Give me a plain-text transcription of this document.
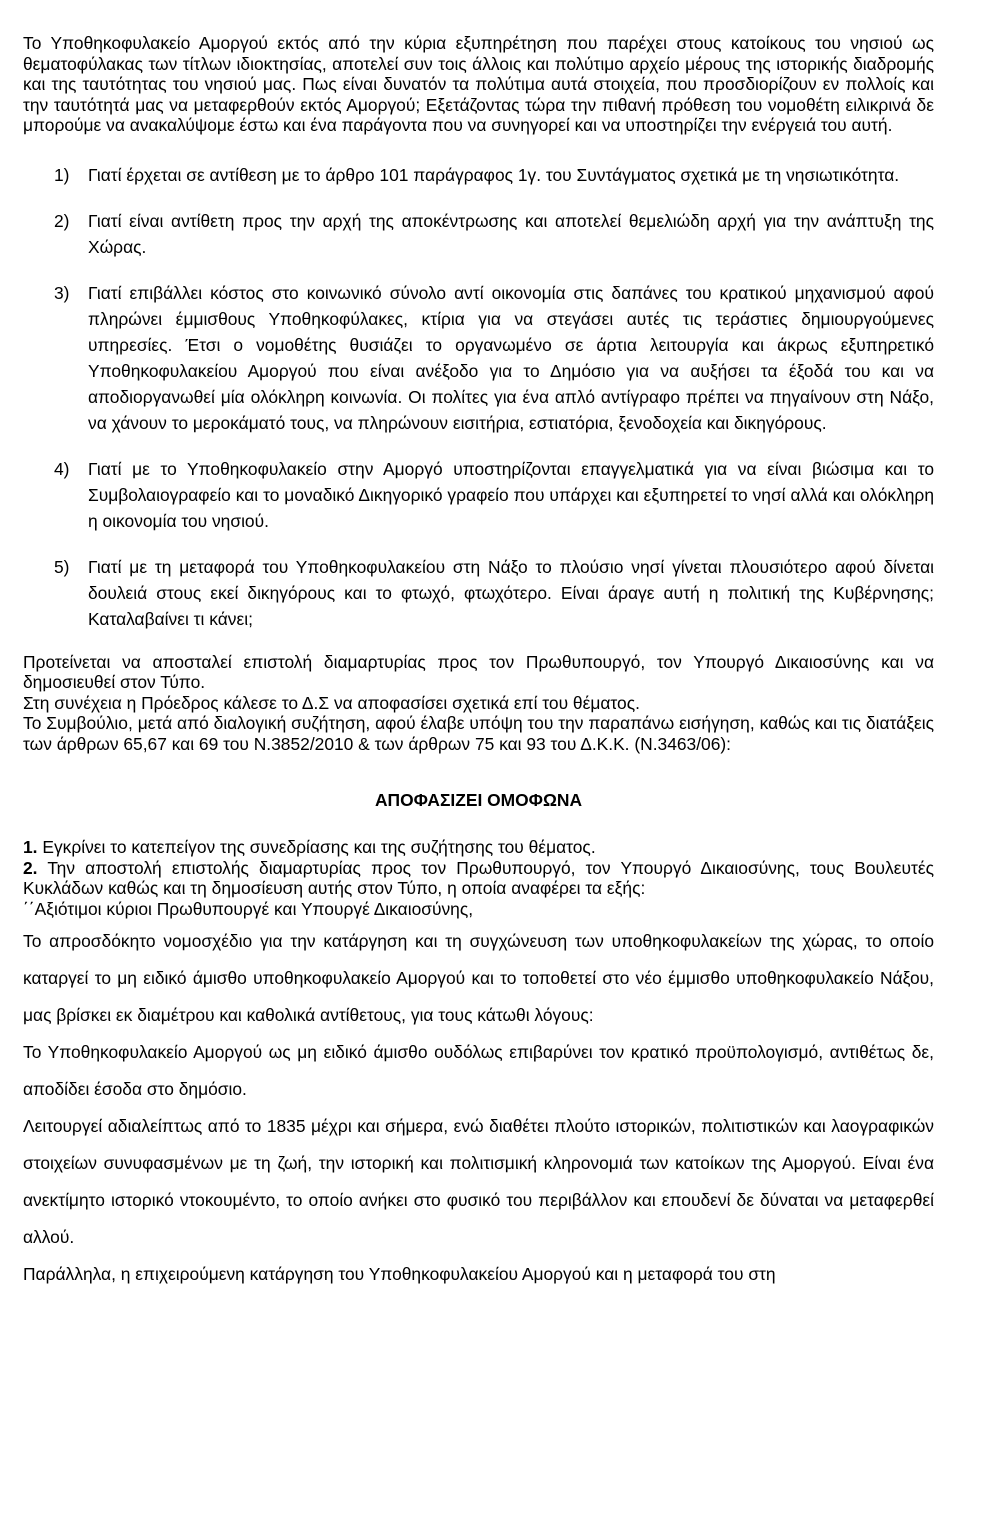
Το Υποθηκοφυλακείο Αμοργού εκτός από την κύρια εξυπηρέτηση που παρέχει στους κατοίκους του νησιού ως θεματοφύλακας των τίτλων ιδιοκτησίας, αποτελεί συν τοις άλλοις και πολύτιμο αρχείο μέρους της ιστορικής διαδρομής και της ταυτότητας του νησιού μας. Πως είναι δυνατόν τα πολύτιμα αυτά στοιχεία, που προσδιορίζουν εν πολλοίς και την ταυτότητά μας να μεταφερθούν εκτός Αμοργού; Εξετάζοντας τώρα την πιθανή πρόθεση του νομοθέτη ειλικρινά δε μπορούμε να ανακαλύψομε έστω και ένα παράγοντα που να συνηγορεί και να υποστηρίζει την ενέργειά του αυτή.

1) Γιατί έρχεται σε αντίθεση με το άρθρο 101 παράγραφος 1γ. του Συντάγματος σχετικά με τη νησιωτικότητα.

2) Γιατί είναι αντίθετη προς την αρχή της αποκέντρωσης και αποτελεί θεμελιώδη αρχή για την ανάπτυξη της Χώρας.

3) Γιατί επιβάλλει κόστος στο κοινωνικό σύνολο αντί οικονομία στις δαπάνες του κρατικού μηχανισμού αφού πληρώνει έμμισθους Υποθηκοφύλακες, κτίρια για να στεγάσει αυτές τις τεράστιες δημιουργούμενες υπηρεσίες. Έτσι ο νομοθέτης θυσιάζει το οργανωμένο σε άρτια λειτουργία και άκρως εξυπηρετικό Υποθηκοφυλακείου Αμοργού που είναι ανέξοδο για το Δημόσιο για να αυξήσει τα έξοδά του και να αποδιοργανωθεί μία ολόκληρη κοινωνία. Οι πολίτες για ένα απλό αντίγραφο πρέπει να πηγαίνουν στη Νάξο, να χάνουν το μεροκάματό τους, να πληρώνουν εισιτήρια, εστιατόρια, ξενοδοχεία και δικηγόρους.

4) Γιατί με το Υποθηκοφυλακείο στην Αμοργό υποστηρίζονται επαγγελματικά για να είναι βιώσιμα και το Συμβολαιογραφείο και το μοναδικό Δικηγορικό γραφείο που υπάρχει και εξυπηρετεί το νησί αλλά και ολόκληρη η οικονομία του νησιού.

5) Γιατί με τη μεταφορά του Υποθηκοφυλακείου στη Νάξο το πλούσιο νησί γίνεται πλουσιότερο αφού δίνεται δουλειά στους εκεί δικηγόρους και το φτωχό, φτωχότερο. Είναι άραγε αυτή η πολιτική της Κυβέρνησης; Καταλαβαίνει τι κάνει;

Προτείνεται να αποσταλεί επιστολή διαμαρτυρίας προς τον Πρωθυπουργό, τον Υπουργό Δικαιοσύνης και να δημοσιευθεί στον Τύπο.

Στη συνέχεια η Πρόεδρος κάλεσε το Δ.Σ να αποφασίσει σχετικά επί του θέματος.

Το Συμβούλιο, μετά από διαλογική συζήτηση, αφού έλαβε υπόψη του την παραπάνω εισήγηση, καθώς και τις διατάξεις των άρθρων 65,67 και 69 του Ν.3852/2010 & των άρθρων 75 και 93 του Δ.Κ.Κ. (Ν.3463/06):

ΑΠΟΦΑΣΙΖΕΙ ΟΜΟΦΩΝΑ

1. Εγκρίνει το κατεπείγον της συνεδρίασης και της συζήτησης του θέματος.

2. Την αποστολή επιστολής διαμαρτυρίας προς τον Πρωθυπουργό, τον Υπουργό Δικαιοσύνης, τους Βουλευτές Κυκλάδων καθώς και τη δημοσίευση αυτής στον Τύπο, η οποία αναφέρει τα εξής:

΄΄Αξιότιμοι κύριοι Πρωθυπουργέ και Υπουργέ Δικαιοσύνης,

Το απροσδόκητο νομοσχέδιο για την κατάργηση και τη συγχώνευση των υποθηκοφυλακείων της χώρας, το οποίο καταργεί το μη ειδικό άμισθο υποθηκοφυλακείο Αμοργού και το τοποθετεί στο νέο έμμισθο υποθηκοφυλακείο Νάξου, μας βρίσκει εκ διαμέτρου και καθολικά αντίθετους, για τους κάτωθι λόγους:

Το Υποθηκοφυλακείο Αμοργού ως μη ειδικό άμισθο ουδόλως επιβαρύνει τον κρατικό προϋπολογισμό, αντιθέτως δε, αποδίδει έσοδα στο δημόσιο.

Λειτουργεί αδιαλείπτως από το 1835 μέχρι και σήμερα, ενώ διαθέτει πλούτο ιστορικών, πολιτιστικών και λαογραφικών στοιχείων συνυφασμένων με τη ζωή, την ιστορική και πολιτισμική κληρονομιά των κατοίκων της Αμοργού. Είναι ένα ανεκτίμητο ιστορικό ντοκουμέντο, το οποίο ανήκει στο φυσικό του περιβάλλον και επουδενί δε δύναται να μεταφερθεί αλλού.

Παράλληλα, η επιχειρούμενη κατάργηση του Υποθηκοφυλακείου Αμοργού και η μεταφορά του στη
